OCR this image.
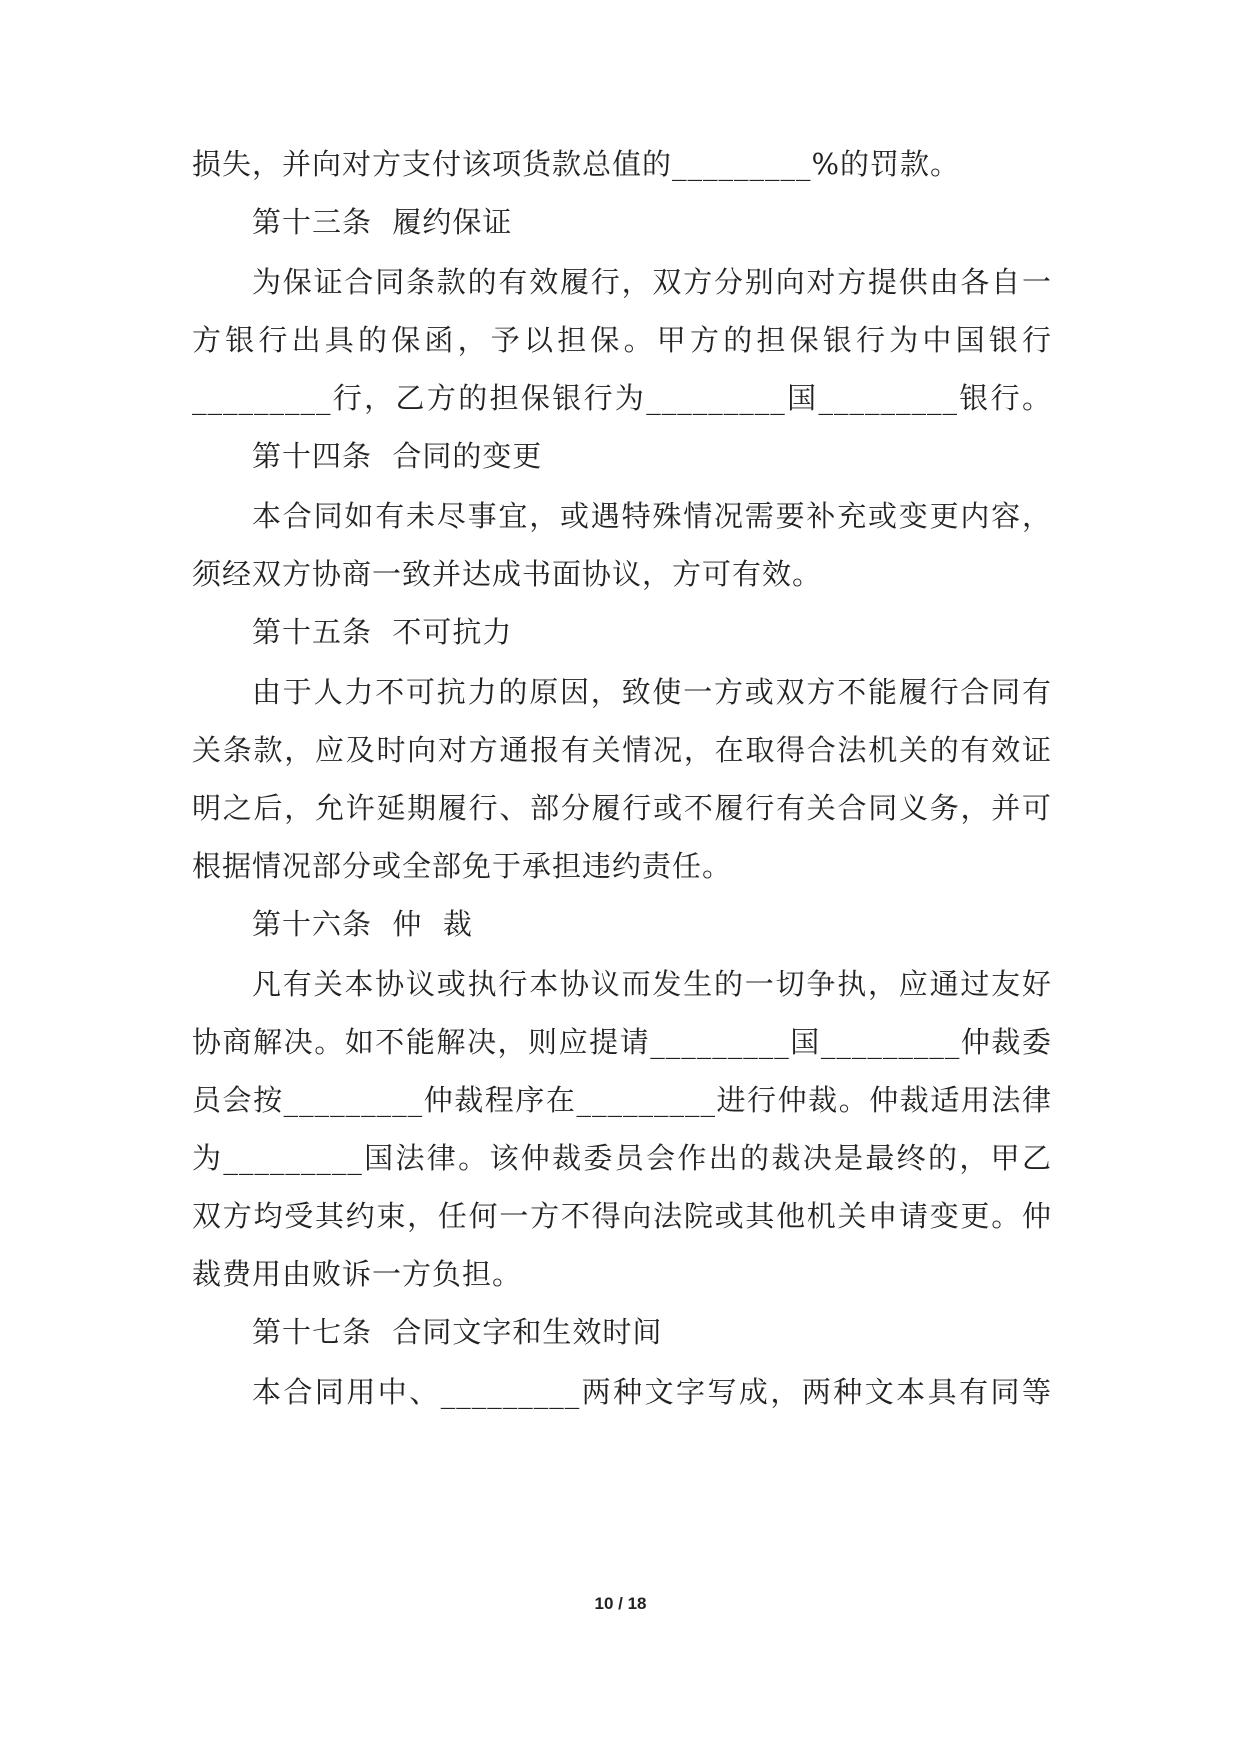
损失，并向对方支付该项货款总值的_________%的罚款。
第十三条  履约保证
为保证合同条款的有效履行，双方分别向对方提供由各自一
方银行出具的保函，予以担保。甲方的担保银行为中国银行
_________行，乙方的担保银行为_________国_________银行。
第十四条  合同的变更
本合同如有未尽事宜，或遇特殊情况需要补充或变更内容，
须经双方协商一致并达成书面协议，方可有效。
第十五条  不可抗力
由于人力不可抗力的原因，致使一方或双方不能履行合同有
关条款，应及时向对方通报有关情况，在取得合法机关的有效证
明之后，允许延期履行、部分履行或不履行有关合同义务，并可
根据情况部分或全部免于承担违约责任。
第十六条  仲  裁
凡有关本协议或执行本协议而发生的一切争执，应通过友好
协商解决。如不能解决，则应提请_________国_________仲裁委
员会按_________仲裁程序在_________进行仲裁。仲裁适用法律
为_________国法律。该仲裁委员会作出的裁决是最终的，甲乙
双方均受其约束，任何一方不得向法院或其他机关申请变更。仲
裁费用由败诉一方负担。
第十七条  合同文字和生效时间
本合同用中、_________两种文字写成，两种文本具有同等
10 / 18
